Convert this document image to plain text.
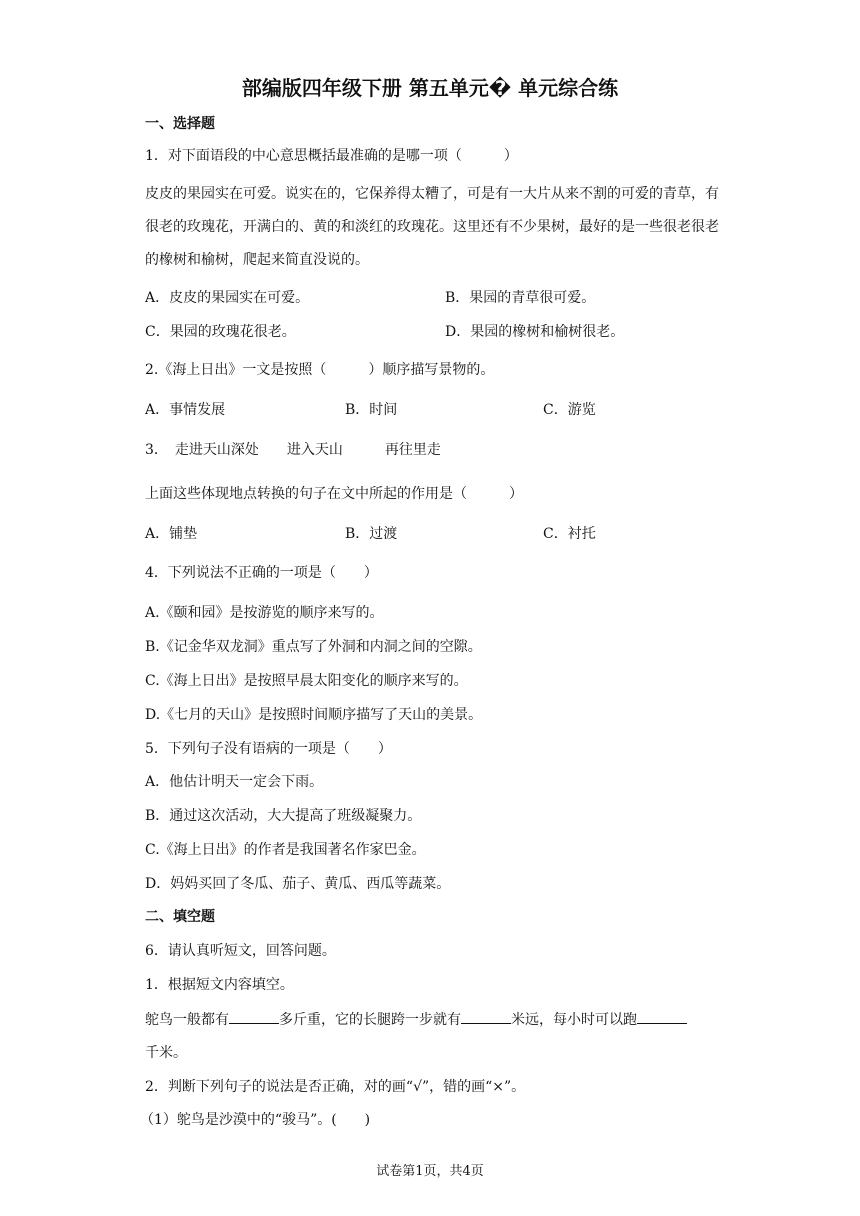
部编版四年级下册 第五单元� 单元综合练
一、选择题
1．对下面语段的中心意思概括最准确的是哪一项（　　　）
皮皮的果园实在可爱。说实在的，它保养得太糟了，可是有一大片从来不割的可爱的青草，有很老的玫瑰花，开满白的、黄的和淡红的玫瑰花。这里还有不少果树，最好的是一些很老很老的橡树和榆树，爬起来简直没说的。
A．皮皮的果园实在可爱。	B．果园的青草很可爱。
C．果园的玫瑰花很老。	D．果园的橡树和榆树很老。
2.《海上日出》一文是按照（　　　）顺序描写景物的。
A．事情发展	B．时间	C．游览
3．　走进天山深处　　进入天山　　　再往里走
上面这些体现地点转换的句子在文中所起的作用是（　　　）
A．铺垫	B．过渡	C．衬托
4．下列说法不正确的一项是（　　）
A.《颐和园》是按游览的顺序来写的。
B.《记金华双龙洞》重点写了外洞和内洞之间的空隙。
C.《海上日出》是按照早晨太阳变化的顺序来写的。
D.《七月的天山》是按照时间顺序描写了天山的美景。
5．下列句子没有语病的一项是（　　）
A．他估计明天一定会下雨。
B．通过这次活动，大大提高了班级凝聚力。
C.《海上日出》的作者是我国著名作家巴金。
D．妈妈买回了冬瓜、茄子、黄瓜、西瓜等蔬菜。
二、填空题
6．请认真听短文，回答问题。
1．根据短文内容填空。
鸵鸟一般都有	多斤重，它的长腿跨一步就有	米远，每小时可以跑
千米。
2．判断下列句子的说法是否正确，对的画“√”，错的画“×”。
（1）鸵鸟是沙漠中的“骏马”。(　　)
试卷第1页，共4页
